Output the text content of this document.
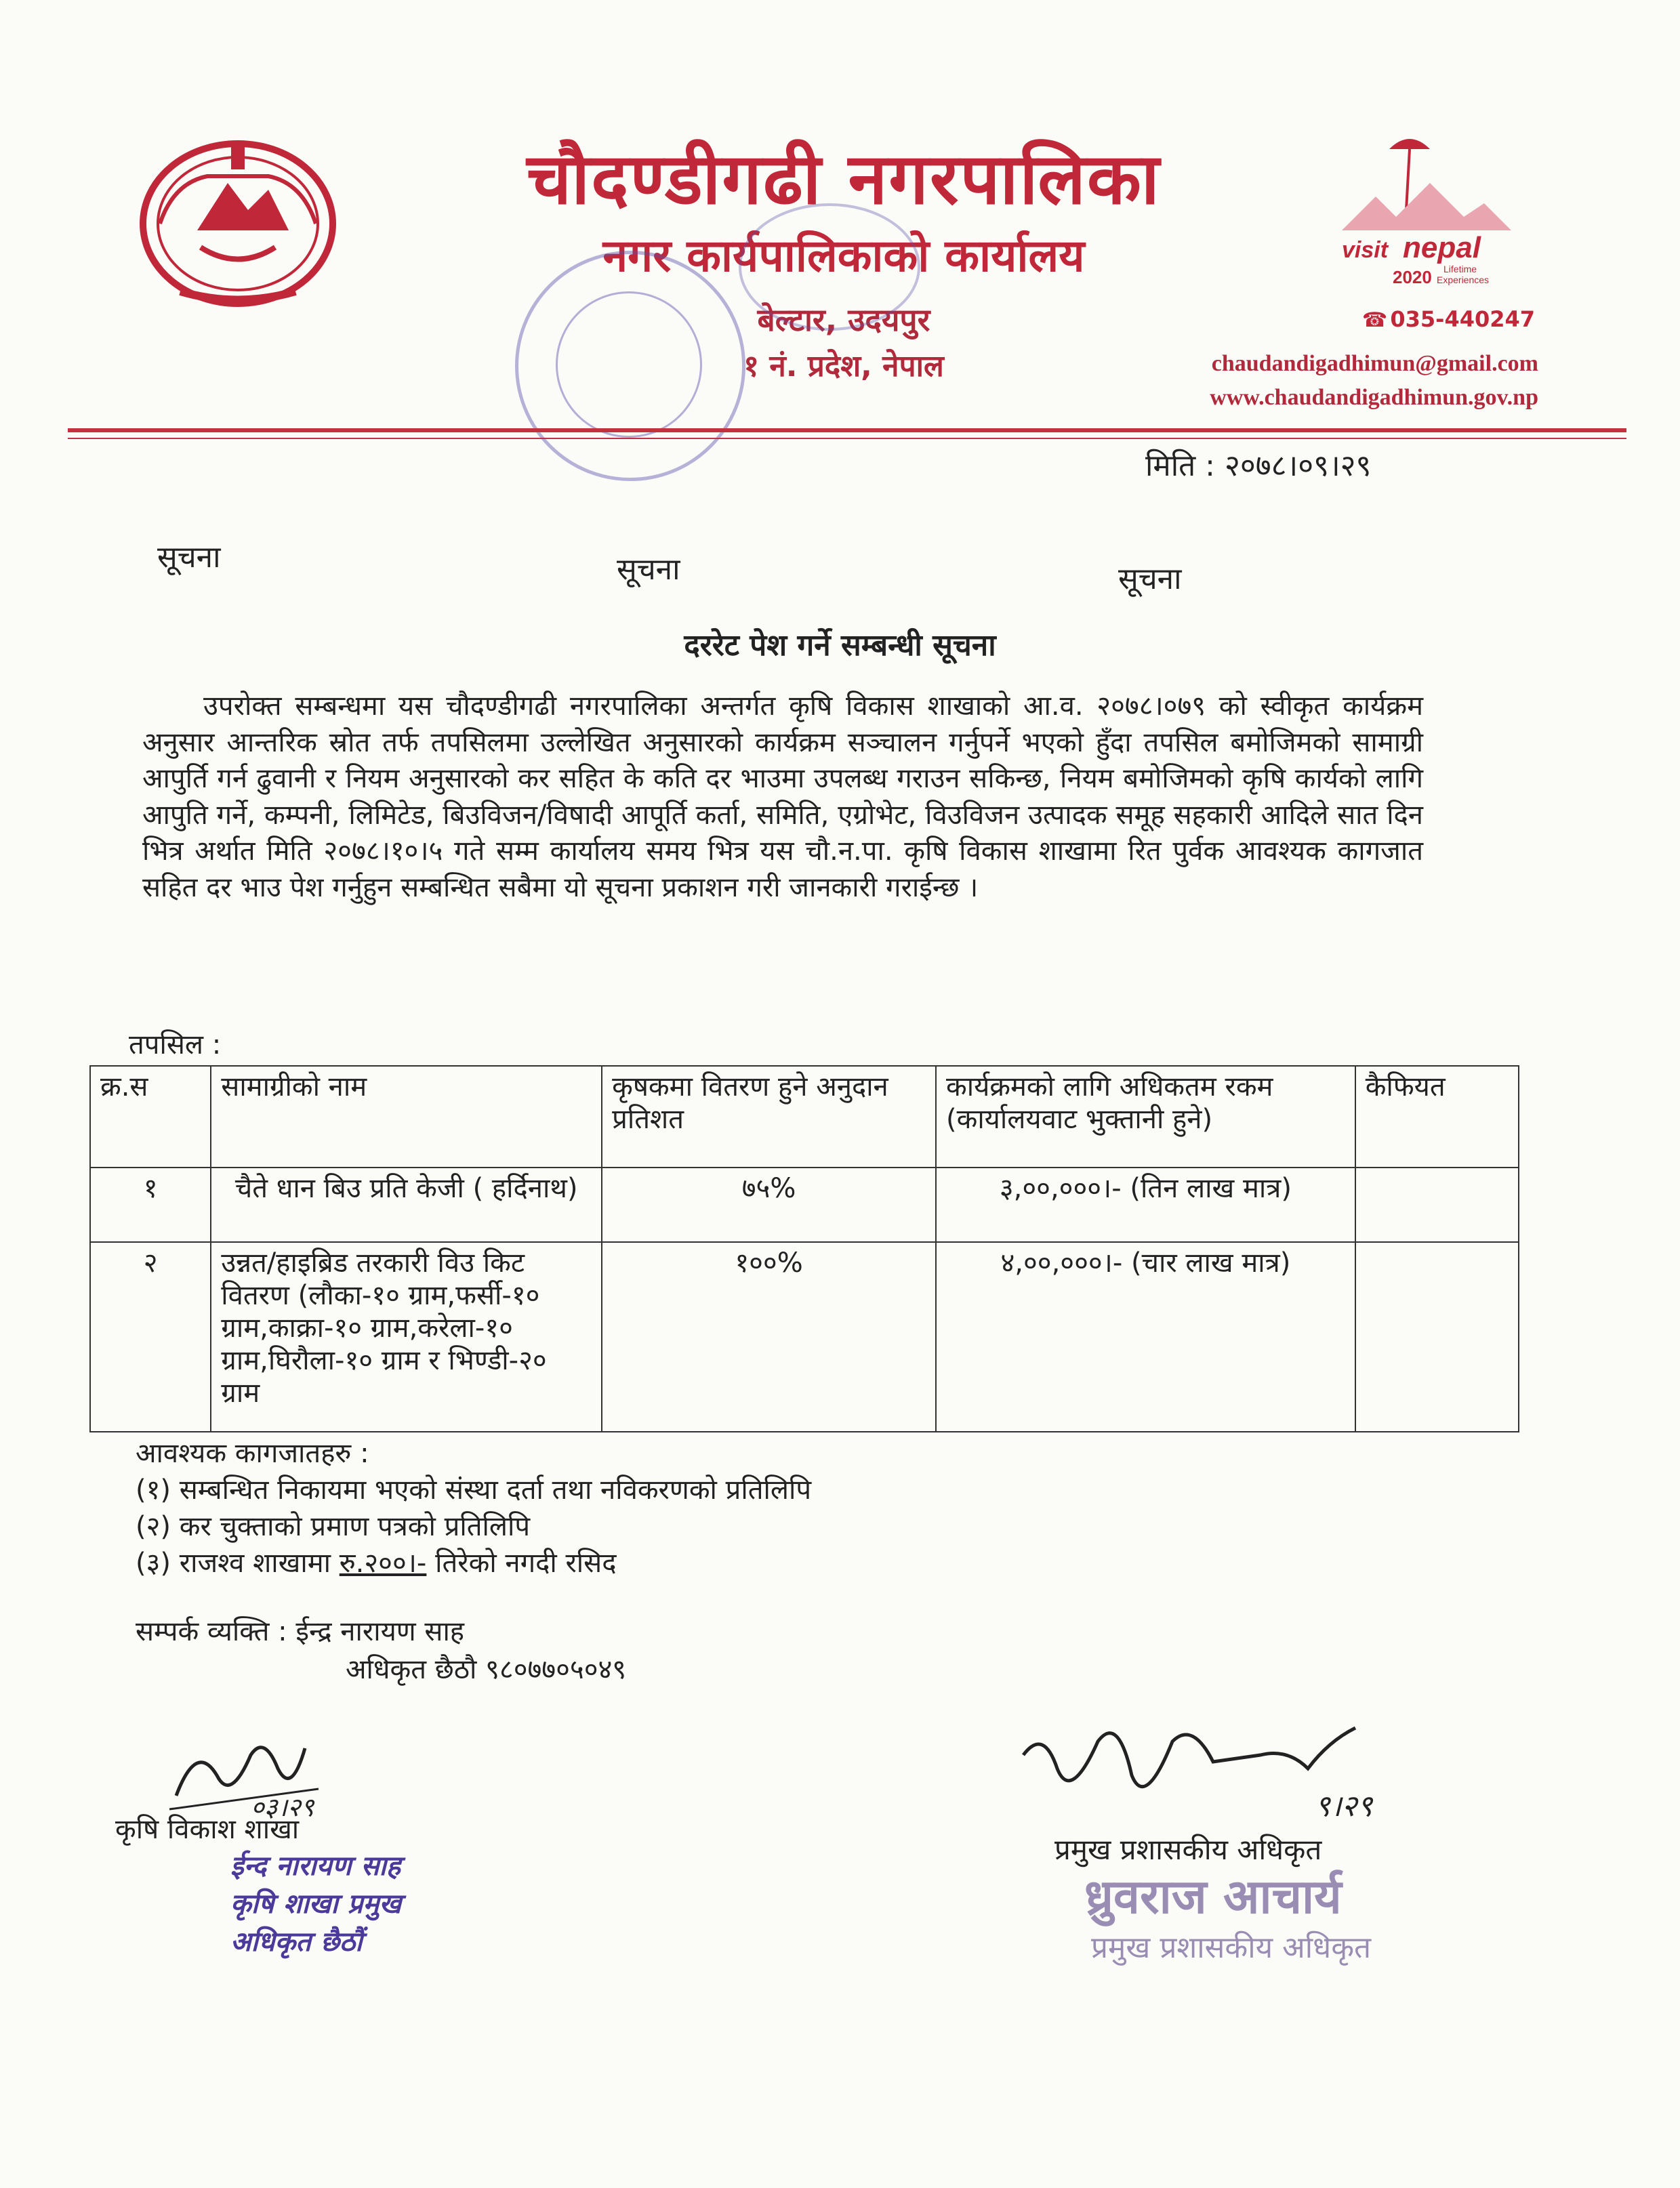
चौदण्डीगढी नगरपालिका
नगर कार्यपालिकाको कार्यालय
बेल्टार, उदयपुर
१ नं. प्रदेश, नेपाल
visit nepal
2020 Lifetime
Experiences
☎ 035-440247
chaudandigadhimun@gmail.com
www.chaudandigadhimun.gov.np
मिति : २०७८।०९।२९
सूचना	सूचना	सूचना
दररेट पेश गर्ने सम्बन्धी सूचना
उपरोक्त सम्बन्धमा यस चौदण्डीगढी नगरपालिका अन्तर्गत कृषि विकास शाखाको आ.व. २०७८।०७९ को स्वीकृत कार्यक्रम अनुसार आन्तरिक स्रोत तर्फ तपसिलमा उल्लेखित अनुसारको कार्यक्रम सञ्चालन गर्नुपर्ने भएको हुँदा तपसिल बमोजिमको सामाग्री आपुर्ति गर्न ढुवानी र नियम अनुसारको कर सहित के कति दर भाउमा उपलब्ध गराउन सकिन्छ, नियम बमोजिमको कृषि कार्यको लागि आपुति गर्ने, कम्पनी, लिमिटेड, बिउविजन/विषादी आपूर्ति कर्ता, समिति, एग्रोभेट, विउविजन उत्पादक समूह सहकारी आदिले सात दिन भित्र अर्थात मिति २०७८।१०।५ गते सम्म कार्यालय समय भित्र यस चौ.न.पा. कृषि विकास शाखामा रित पुर्वक आवश्यक कागजात सहित दर भाउ पेश गर्नुहुन सम्बन्धित सबैमा यो सूचना प्रकाशन गरी जानकारी गराईन्छ ।
तपसिल :
क्र.स	सामाग्रीको नाम	कृषकमा वितरण हुने अनुदान प्रतिशत	कार्यक्रमको लागि अधिकतम रकम (कार्यालयवाट भुक्तानी हुने)	कैफियत
१	चैते धान बिउ प्रति केजी ( हर्दिनाथ)	७५%	३,००,०००।- (तिन लाख मात्र)	
२	उन्नत/हाइब्रिड तरकारी विउ किट वितरण (लौका-१० ग्राम,फर्सी-१० ग्राम,काक्रा-१० ग्राम,करेला-१० ग्राम,घिरौला-१० ग्राम र भिण्डी-२० ग्राम	१००%	४,००,०००।- (चार लाख मात्र)	
आवश्यक कागजातहरु :
(१) सम्बन्धित निकायमा भएको संस्था दर्ता तथा नविकरणको प्रतिलिपि
(२) कर चुक्ताको प्रमाण पत्रको प्रतिलिपि
(३) राजश्व शाखामा रु.२००।- तिरेको नगदी रसिद
सम्पर्क व्यक्ति : ईन्द्र नारायण साह
अधिकृत छैठौ ९८०७७०५०४९
०३।२९
कृषि विकाश शाखा
ईन्द नारायण साह
कृषि शाखा प्रमुख
अधिकृत छैठौं
९।२९
प्रमुख प्रशासकीय अधिकृत
ध्रुवराज आचार्य
प्रमुख प्रशासकीय अधिकृत
